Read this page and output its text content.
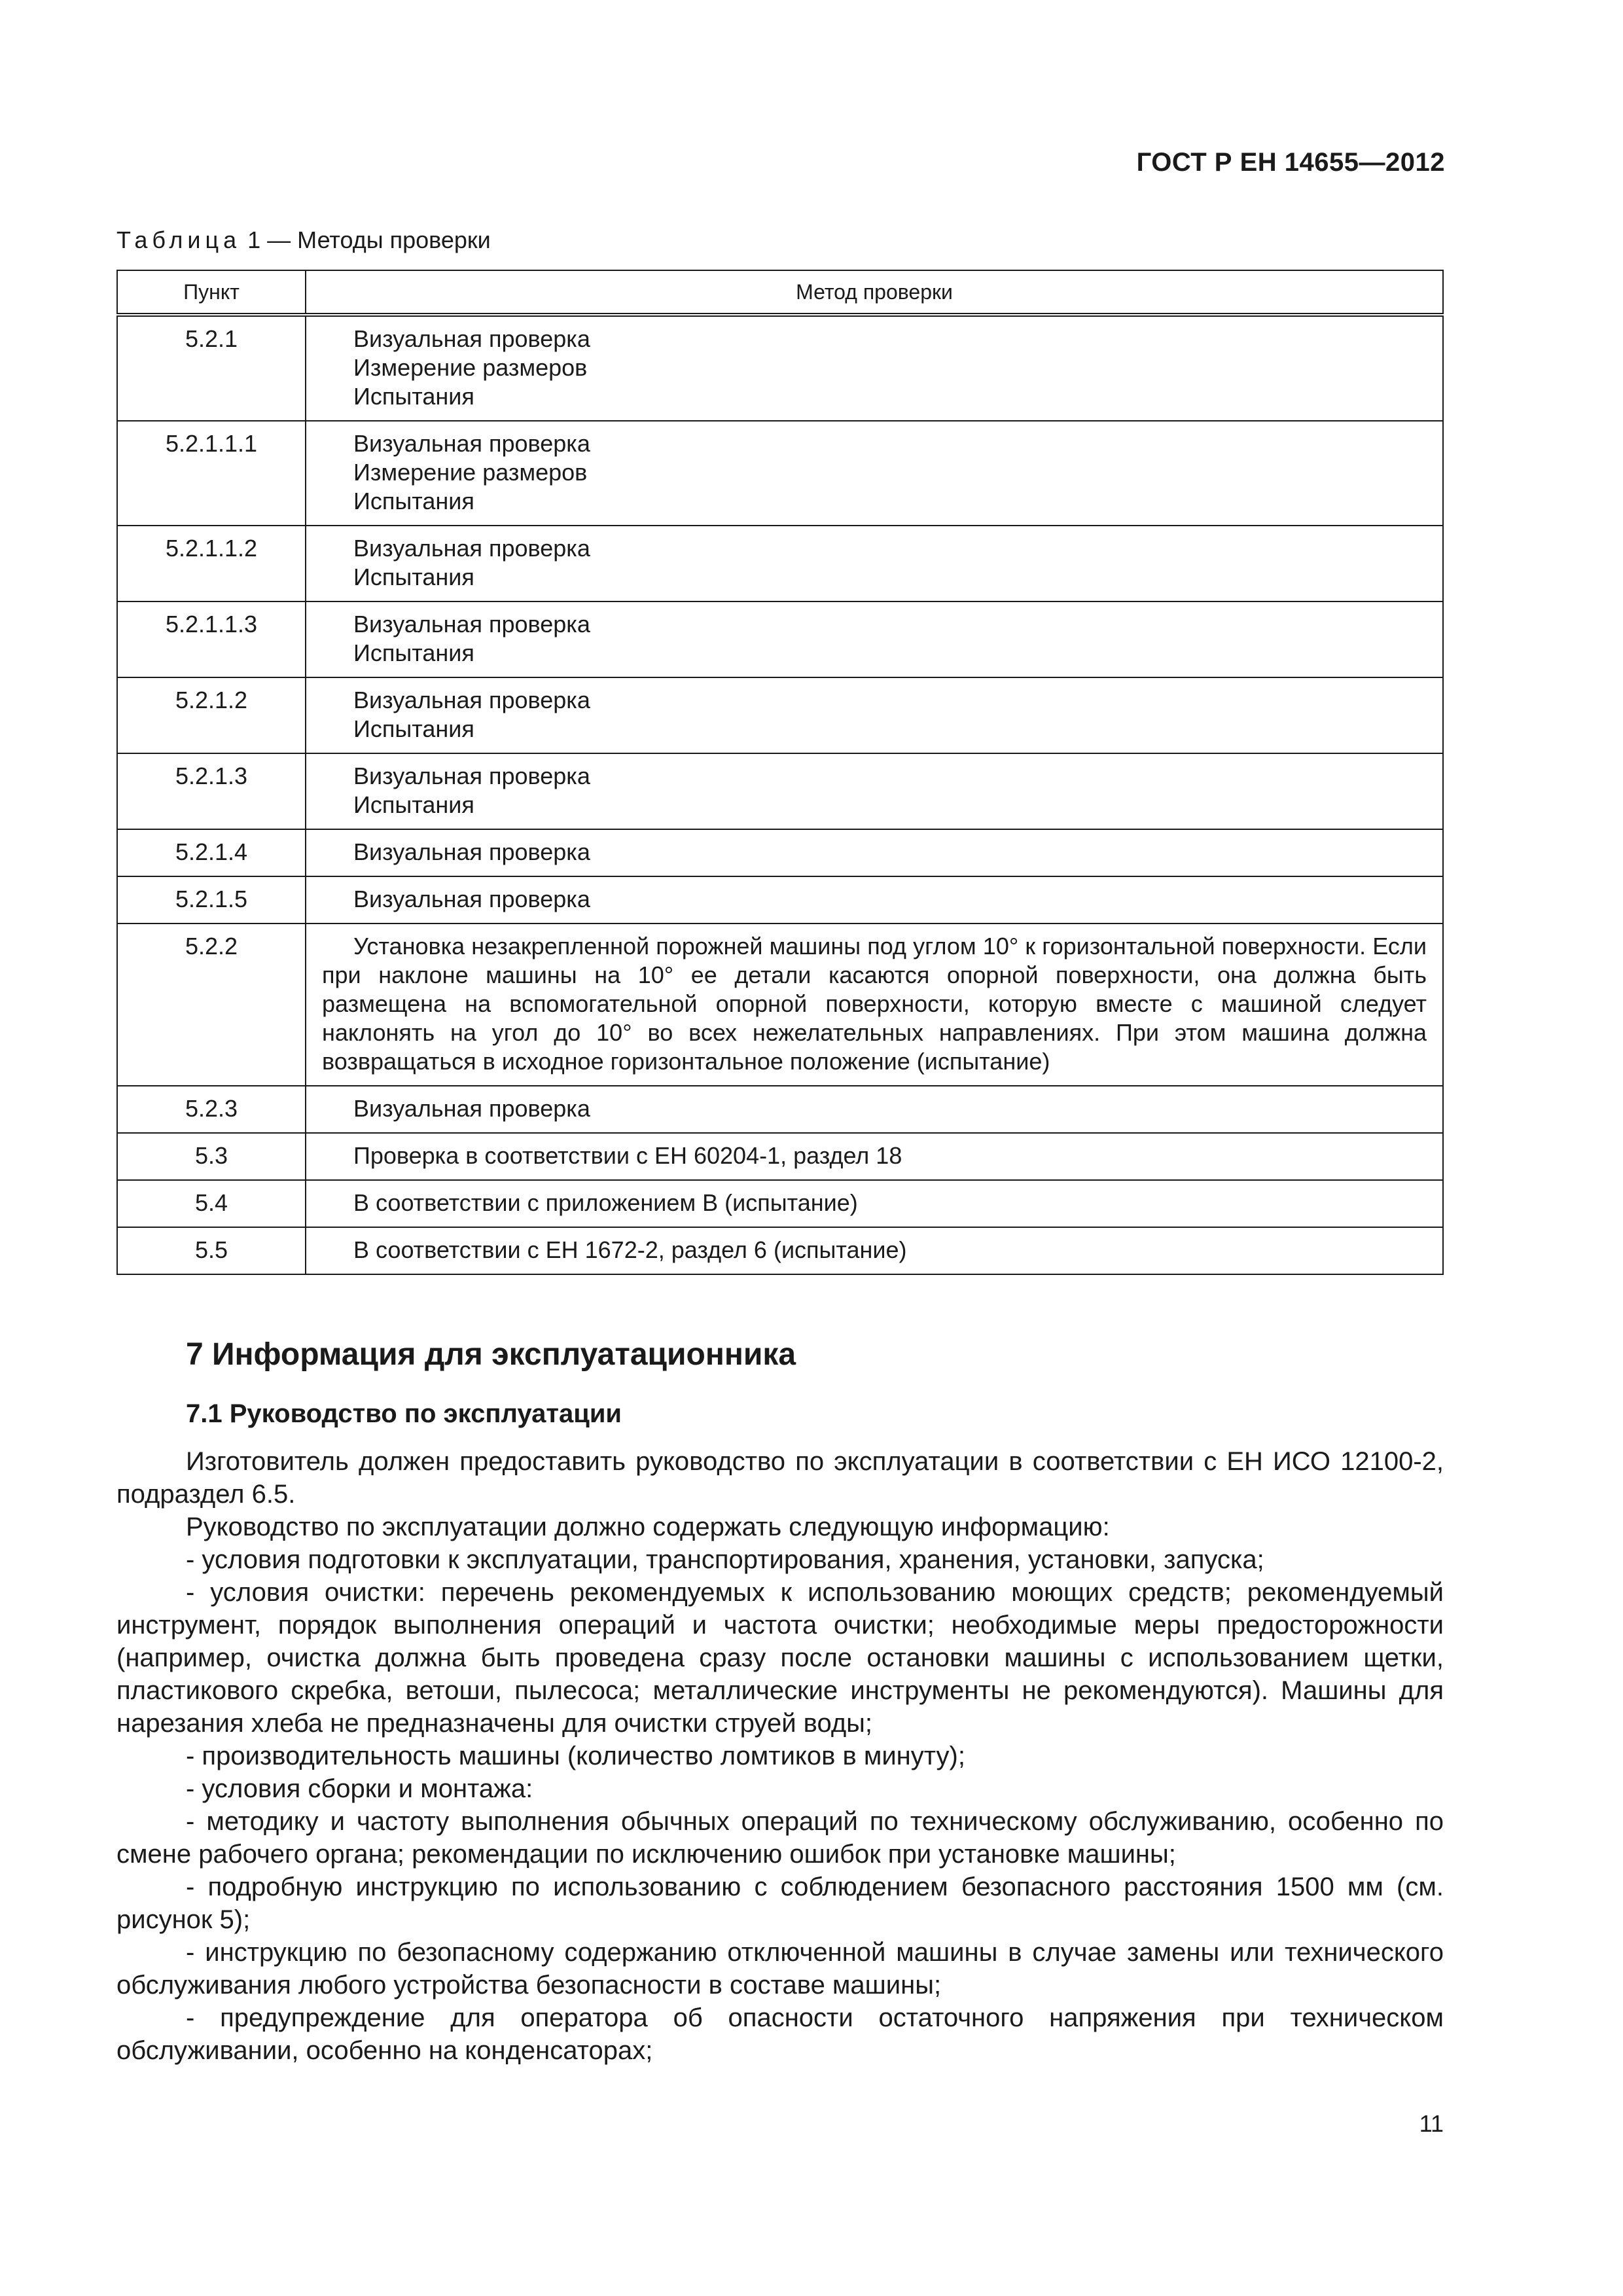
ГОСТ Р ЕН 14655—2012
Таблица 1 — Методы проверки
Пункт	Метод проверки
5.2.1	Визуальная проверка
Измерение размеров
Испытания

5.2.1.1.1	Визуальная проверка
Измерение размеров
Испытания

5.2.1.1.2	Визуальная проверка
Испытания

5.2.1.1.3	Визуальная проверка
Испытания

5.2.1.2	Визуальная проверка
Испытания

5.2.1.3	Визуальная проверка
Испытания

5.2.1.4	Визуальная проверка

5.2.1.5	Визуальная проверка

5.2.2	Установка незакрепленной порожней машины под углом 10° к горизонтальной поверхности. Если при наклоне машины на 10° ее детали касаются опорной поверхности, она должна быть размещена на вспомогательной опорной поверхности, которую вместе с машиной следует наклонять на угол до 10° во всех нежелательных направлениях. При этом машина должна возвращаться в исходное горизонтальное положение (испытание)
5.2.3	Визуальная проверка

5.3	Проверка в соответствии с ЕН 60204-1, раздел 18

5.4	В соответствии с приложением В (испытание)

5.5	В соответствии с ЕН 1672-2, раздел 6 (испытание)
7 Информация для эксплуатационника
7.1 Руководство по эксплуатации

Изготовитель должен предоставить руководство по эксплуатации в соответствии с ЕН ИСО 12100-2, подраздел 6.5.

Руководство по эксплуатации должно содержать следующую информацию:

- условия подготовки к эксплуатации, транспортирования, хранения, установки, запуска;

- условия очистки: перечень рекомендуемых к использованию моющих средств; рекомендуемый инструмент, порядок выполнения операций и частота очистки; необходимые меры предосторожности (например, очистка должна быть проведена сразу после остановки машины с использованием щетки, пластикового скребка, ветоши, пылесоса; металлические инструменты не рекомендуются). Машины для нарезания хлеба не предназначены для очистки струей воды;

- производительность машины (количество ломтиков в минуту);

- условия сборки и монтажа:

- методику и частоту выполнения обычных операций по техническому обслуживанию, особенно по смене рабочего органа; рекомендации по исключению ошибок при установке машины;

- подробную инструкцию по использованию с соблюдением безопасного расстояния 1500 мм (см. рисунок 5);

- инструкцию по безопасному содержанию отключенной машины в случае замены или технического обслуживания любого устройства безопасности в составе машины;

- предупреждение для оператора об опасности остаточного напряжения при техническом обслуживании, особенно на конденсаторах;

11
